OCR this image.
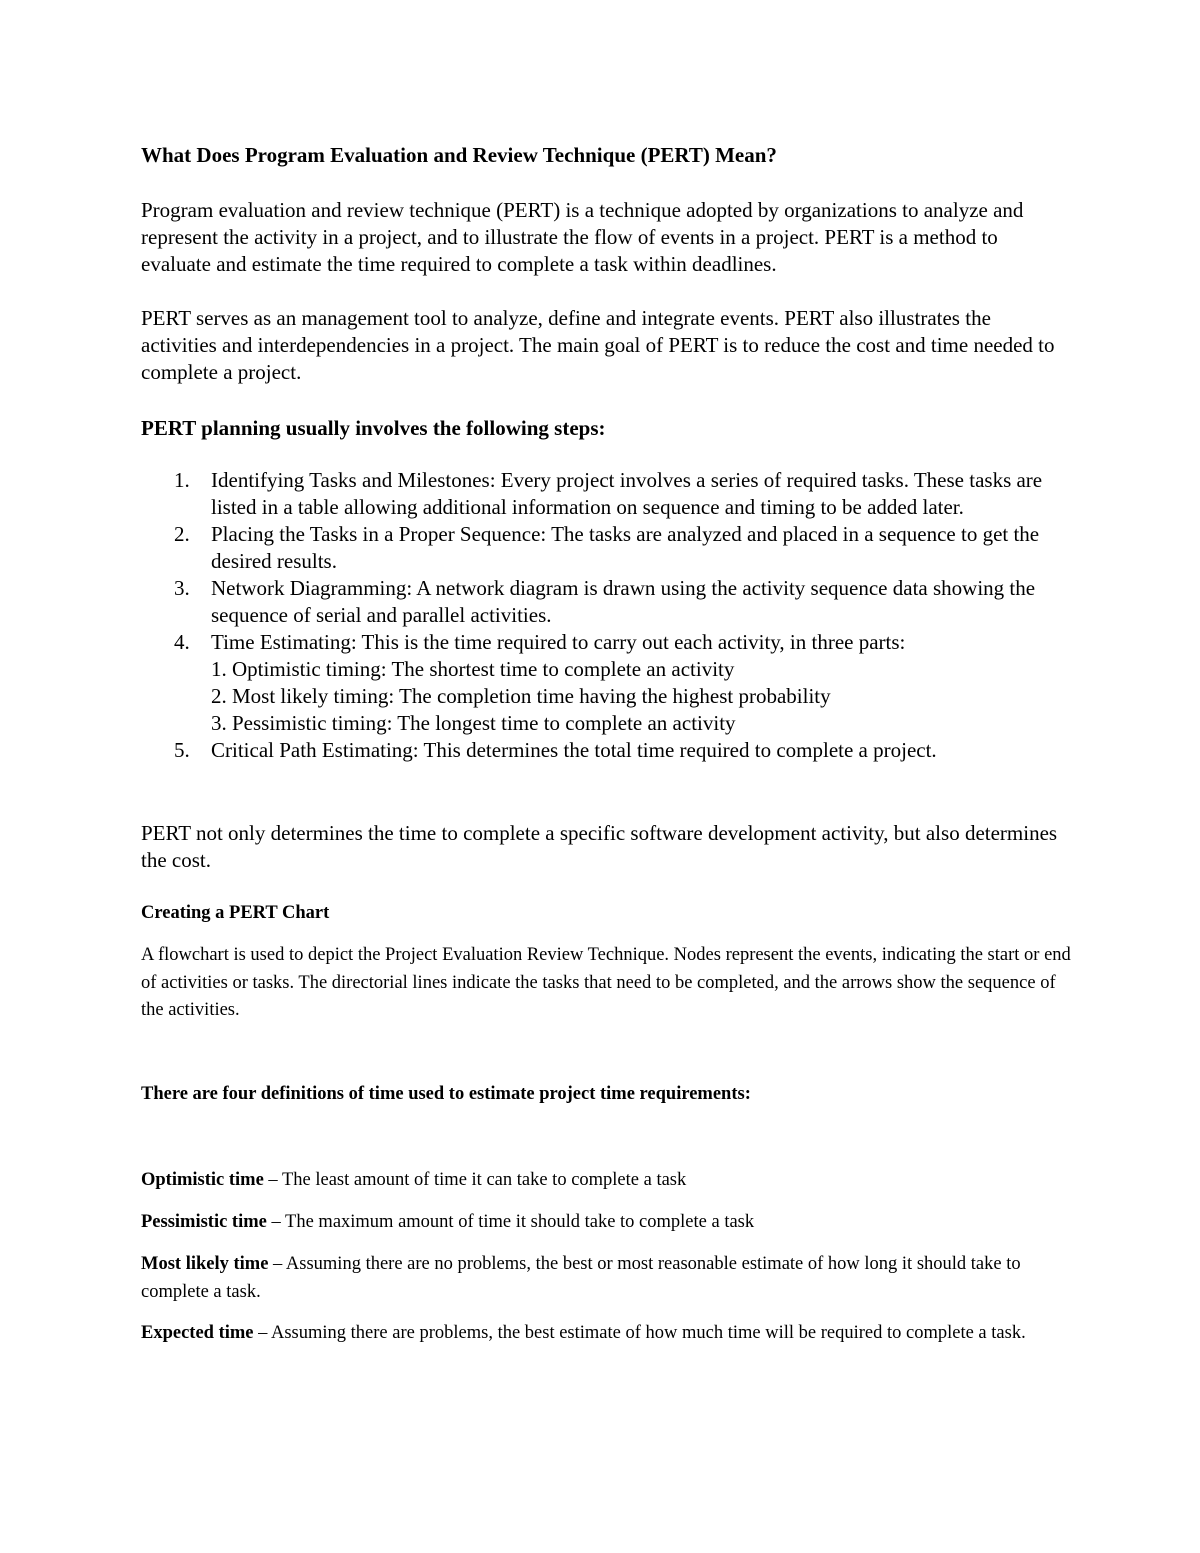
What Does Program Evaluation and Review Technique (PERT) Mean?

Program evaluation and review technique (PERT) is a technique adopted by organizations to analyze and represent the activity in a project, and to illustrate the flow of events in a project. PERT is a method to evaluate and estimate the time required to complete a task within deadlines.

PERT serves as an management tool to analyze, define and integrate events. PERT also illustrates the activities and interdependencies in a project. The main goal of PERT is to reduce the cost and time needed to complete a project.

PERT planning usually involves the following steps:

1. Identifying Tasks and Milestones: Every project involves a series of required tasks. These tasks are listed in a table allowing additional information on sequence and timing to be added later.
2. Placing the Tasks in a Proper Sequence: The tasks are analyzed and placed in a sequence to get the desired results.
3. Network Diagramming: A network diagram is drawn using the activity sequence data showing the sequence of serial and parallel activities.
4. Time Estimating: This is the time required to carry out each activity, in three parts:
1. Optimistic timing: The shortest time to complete an activity
2. Most likely timing: The completion time having the highest probability
3. Pessimistic timing: The longest time to complete an activity
5. Critical Path Estimating: This determines the total time required to complete a project.

PERT not only determines the time to complete a specific software development activity, but also determines the cost.

Creating a PERT Chart

A flowchart is used to depict the Project Evaluation Review Technique. Nodes represent the events, indicating the start or end of activities or tasks. The directorial lines indicate the tasks that need to be completed, and the arrows show the sequence of the activities.

There are four definitions of time used to estimate project time requirements:

Optimistic time – The least amount of time it can take to complete a task

Pessimistic time – The maximum amount of time it should take to complete a task

Most likely time – Assuming there are no problems, the best or most reasonable estimate of how long it should take to complete a task.

Expected time – Assuming there are problems, the best estimate of how much time will be required to complete a task.
